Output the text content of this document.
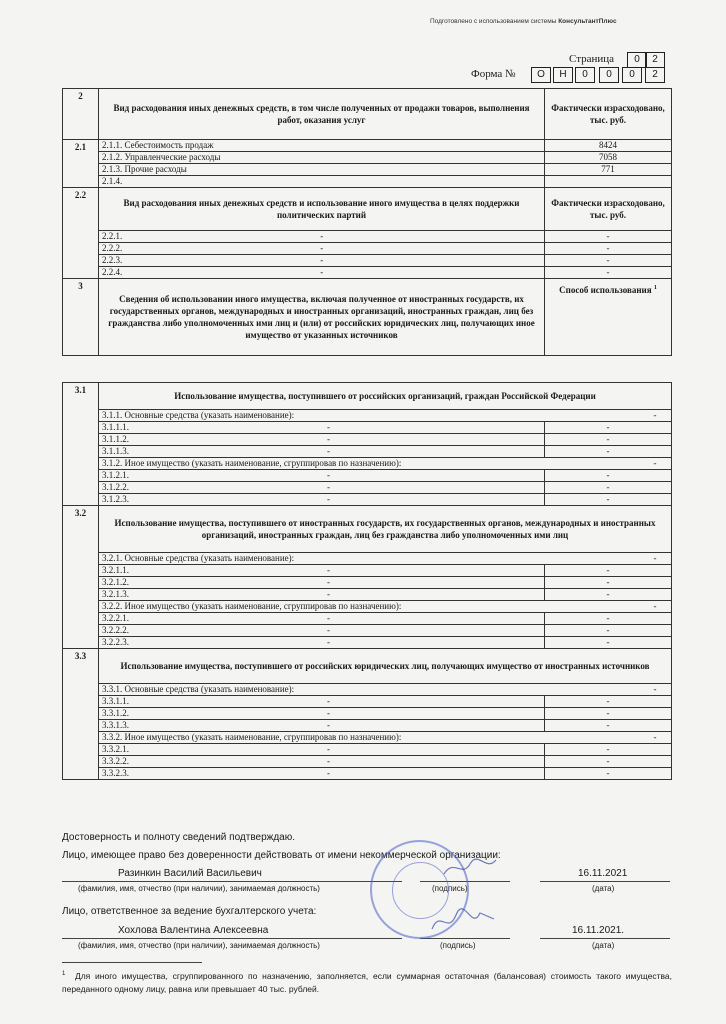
Подготовлено с использованием системы КонсультантПлюс
Страница	0	2
Форма №	О	Н	0	0	0	2
2	Вид расходования иных денежных средств, в том числе полученных от продажи товаров, выполнения работ, оказания услуг	Фактически израсходовано, тыс. руб.
2.1	2.1.1. Себестоимость продаж	8424
	2.1.2. Управленческие расходы	7058
	2.1.3. Прочие расходы	771
	2.1.4.	
2.2	Вид расходования иных денежных средств и использование иного имущества в целях поддержки политических партий	Фактически израсходовано, тыс. руб.
	2.2.1. -	-
	2.2.2. -	-
	2.2.3. -	-
	2.2.4. -	-
3	Сведения об использовании иного имущества, включая полученное от иностранных государств, их государственных органов, международных и иностранных организаций, иностранных граждан, лиц без гражданства либо уполномоченных ими лиц и (или) от российских юридических лиц, получающих иное имущество от указанных источников	Способ использования $^1$
3.1	Использование имущества, поступившего от российских организаций, граждан Российской Федерации	
	3.1.1. Основные средства (указать наименование): -	

	3.1.1.1. -	-
	3.1.1.2. -	-
	3.1.1.3. -	-
	3.1.2. Иное имущество (указать наименование, сгруппировав по назначению): -	

	3.1.2.1. -	-
	3.1.2.2. -	-
	3.1.2.3. -	-
3.2	Использование имущества, поступившего от иностранных государств, их государственных органов, международных и иностранных организаций, иностранных граждан, лиц без гражданства либо уполномоченных ими лиц	
	3.2.1. Основные средства (указать наименование): -	

	3.2.1.1. -	-
	3.2.1.2. -	-
	3.2.1.3. -	-
	3.2.2. Иное имущество (указать наименование, сгруппировав по назначению): -	

	3.2.2.1. -	-
	3.2.2.2. -	-
	3.2.2.3. -	-
3.3	Использование имущества, поступившего от российских юридических лиц, получающих имущество от иностранных источников	
	3.3.1. Основные средства (указать наименование): -	

	3.3.1.1. -	-
	3.3.1.2. -	-
	3.3.1.3. -	-
	3.3.2. Иное имущество (указать наименование, сгруппировав по назначению): -	

	3.3.2.1. -	-
	3.3.2.2. -	-
	3.3.2.3. -	-
Достоверность и полноту сведений подтверждаю.
Лицо, имеющее право без доверенности действовать от имени некоммерческой организации:
Разинкин Василий Васильевич	16.11.2021
(фамилия, имя, отчество (при наличии), занимаемая должность)	(подпись)	(дата)
Лицо, ответственное за ведение бухгалтерского учета:
Хохлова Валентина Алексеевна	16.11.2021.
(фамилия, имя, отчество (при наличии), занимаемая должность)	(подпись)	(дата)
$^1$ Для иного имущества, сгруппированного по назначению, заполняется, если суммарная остаточная (балансовая) стоимость такого имущества, переданного одному лицу, равна или превышает 40 тыс. рублей.
